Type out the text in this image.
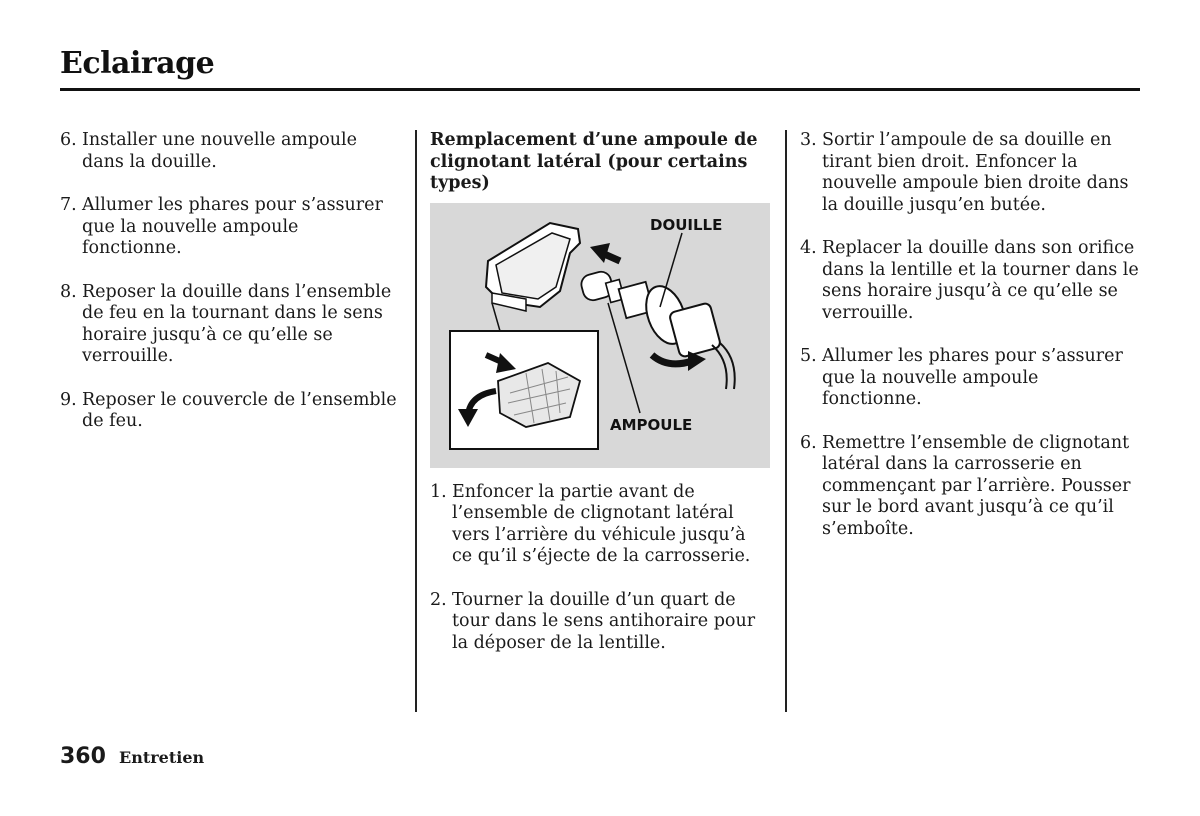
Eclairage
6. Installer une nouvelle ampoule dans la douille.
7. Allumer les phares pour s’assurer que la nouvelle ampoule fonctionne.
8. Reposer la douille dans l’ensemble de feu en la tournant dans le sens horaire jusqu’à ce qu’elle se verrouille.
9. Reposer le couvercle de l’ensemble de feu.

Remplacement d’une ampoule de clignotant latéral (pour certains types)

DOUILLE
AMPOULE
1. Enfoncer la partie avant de l’ensemble de clignotant latéral vers l’arrière du véhicule jusqu’à ce qu’il s’éjecte de la carrosserie.
2. Tourner la douille d’un quart de tour dans le sens antihoraire pour la déposer de la lentille.
3. Sortir l’ampoule de sa douille en tirant bien droit. Enfoncer la nouvelle ampoule bien droite dans la douille jusqu’en butée.
4. Replacer la douille dans son orifice dans la lentille et la tourner dans le sens horaire jusqu’à ce qu’elle se verrouille.
5. Allumer les phares pour s’assurer que la nouvelle ampoule fonctionne.
6. Remettre l’ensemble de clignotant latéral dans la carrosserie en commençant par l’arrière. Pousser sur le bord avant jusqu’à ce qu’il s’emboîte.
360 Entretien
